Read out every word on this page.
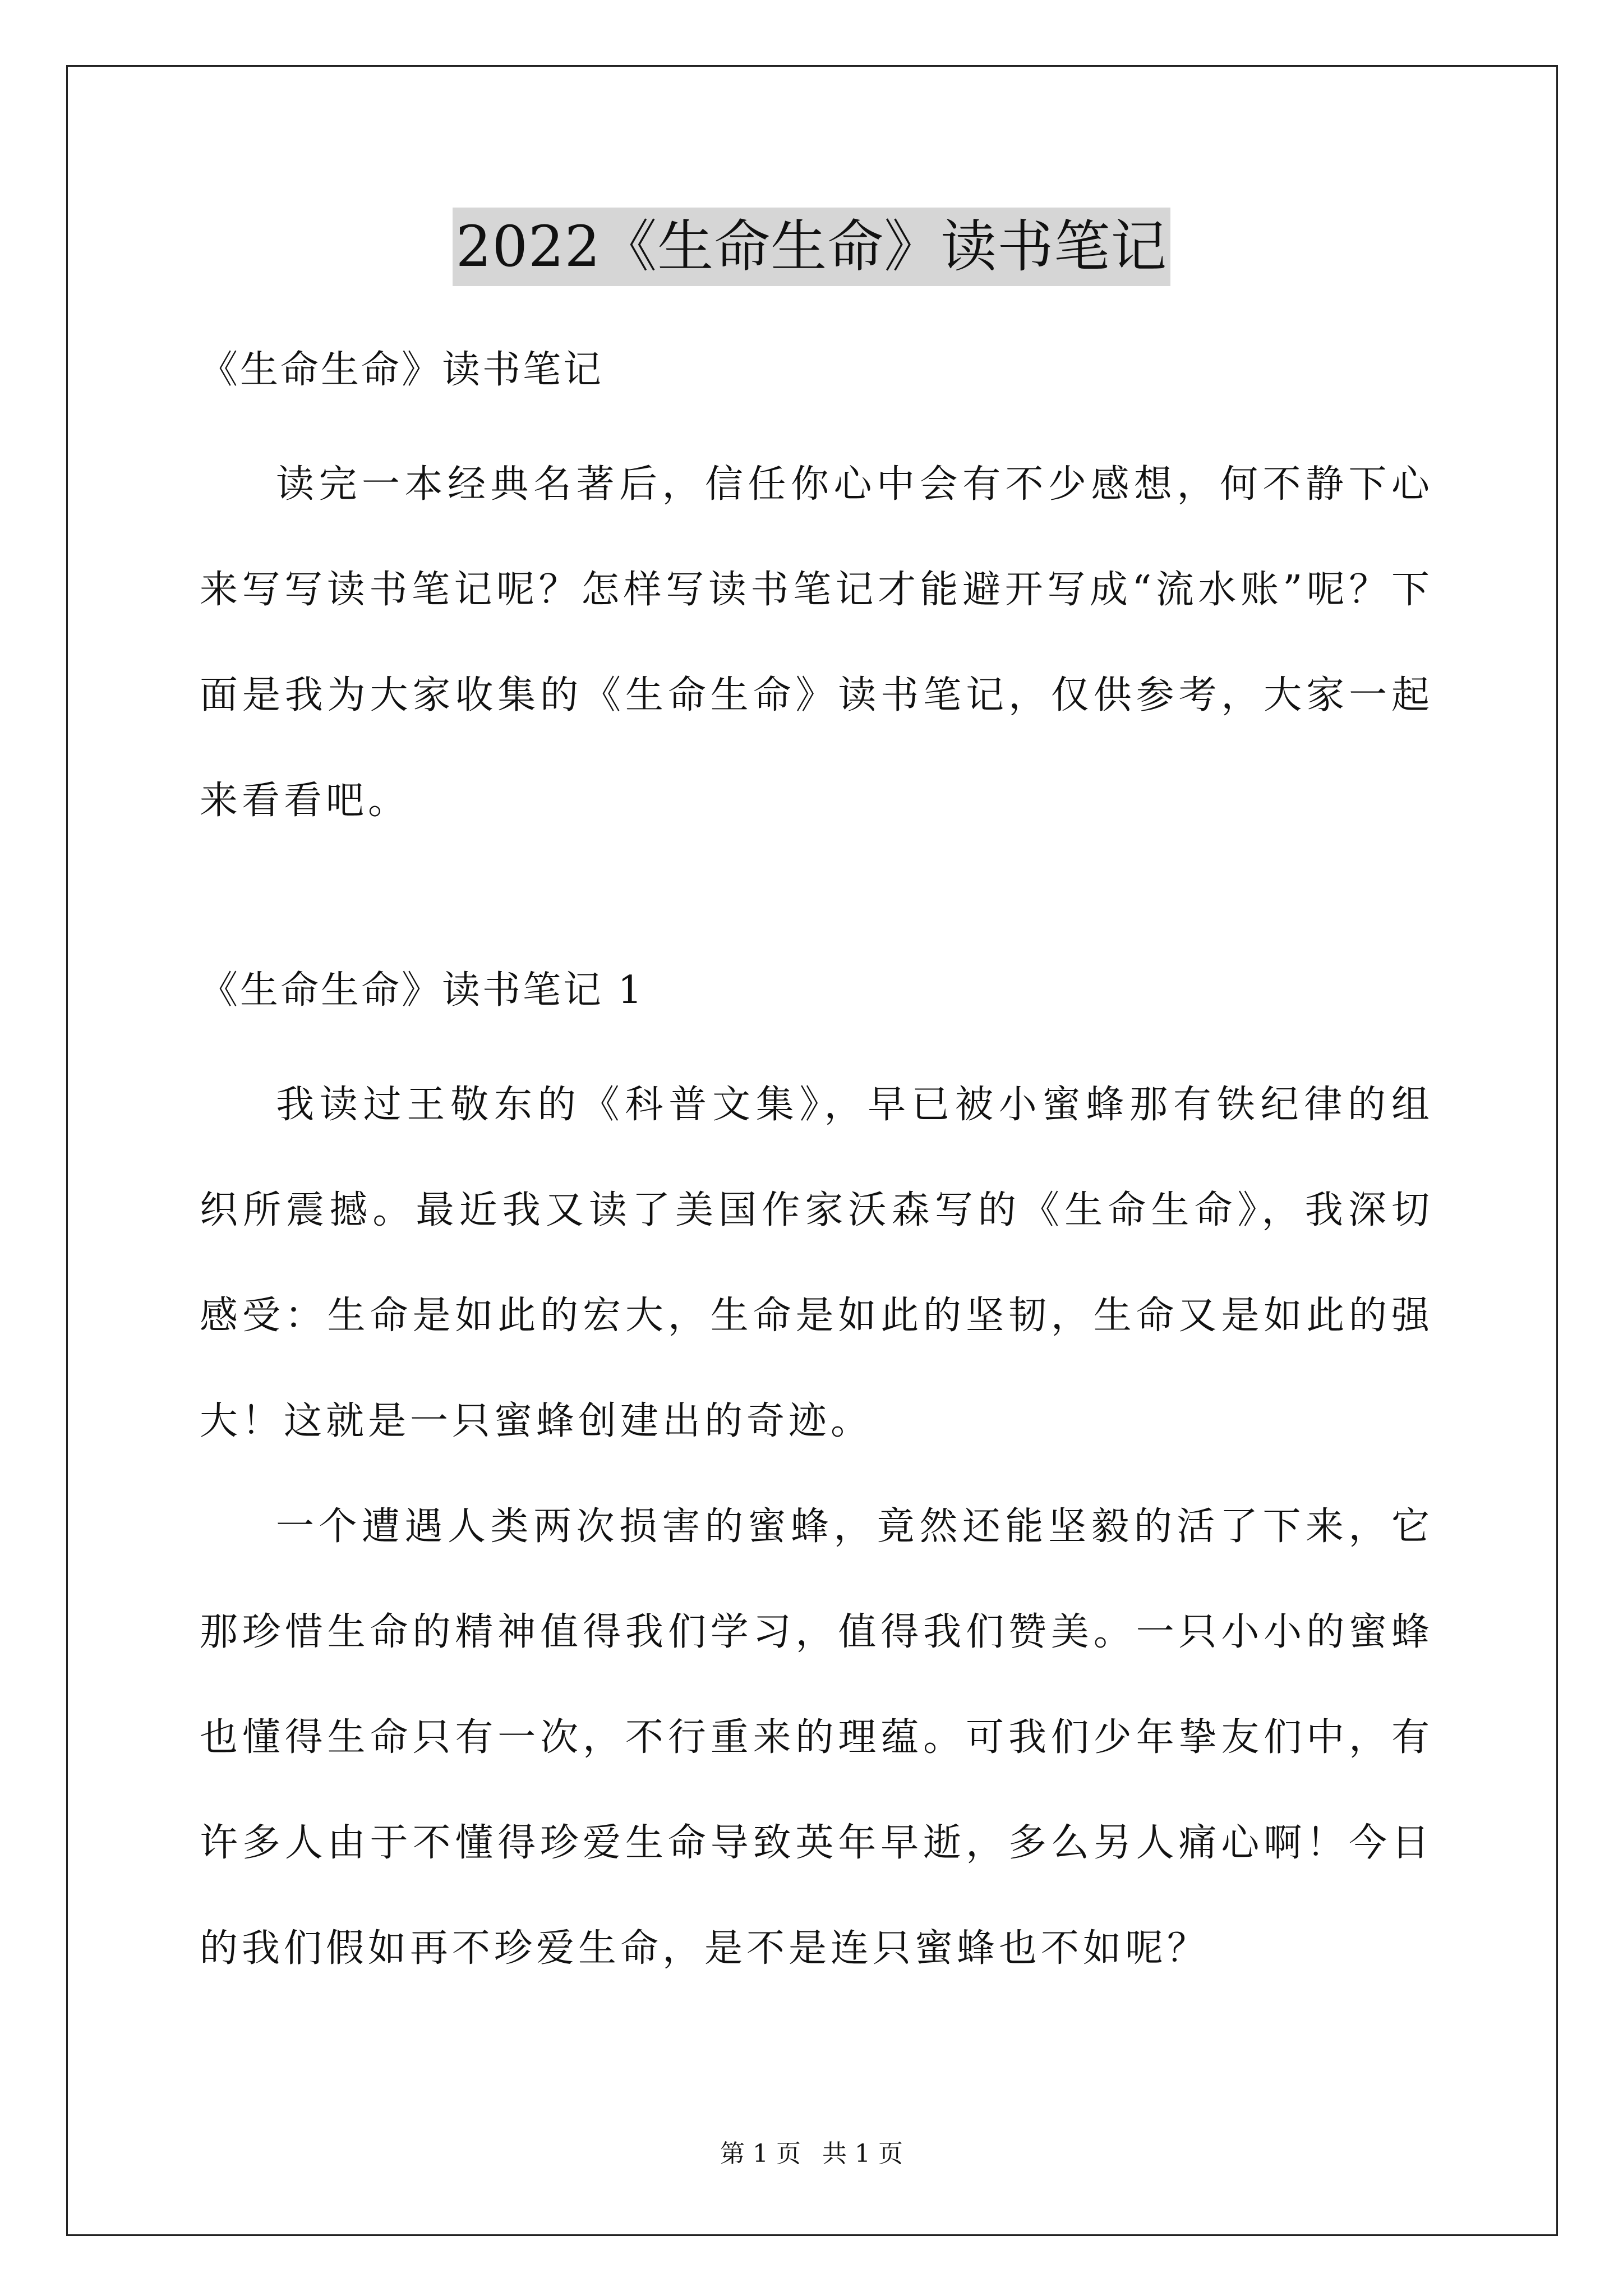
2022《生命生命》读书笔记

《生命生命》读书笔记

读完一本经典名著后，信任你心中会有不少感想，何不静下心来写写读书笔记呢？怎样写读书笔记才能避开写成“流水账”呢？下面是我为大家收集的《生命生命》读书笔记，仅供参考，大家一起来看看吧。

《生命生命》读书笔记 1

我读过王敬东的《科普文集》，早已被小蜜蜂那有铁纪律的组织所震撼。最近我又读了美国作家沃森写的《生命生命》，我深切感受：生命是如此的宏大，生命是如此的坚韧，生命又是如此的强大！这就是一只蜜蜂创建出的奇迹。

一个遭遇人类两次损害的蜜蜂，竟然还能坚毅的活了下来，它那珍惜生命的精神值得我们学习，值得我们赞美。一只小小的蜜蜂也懂得生命只有一次，不行重来的理蕴。可我们少年挚友们中，有许多人由于不懂得珍爱生命导致英年早逝，多么另人痛心啊！今日的我们假如再不珍爱生命，是不是连只蜜蜂也不如呢？

第 1 页 共 1 页
